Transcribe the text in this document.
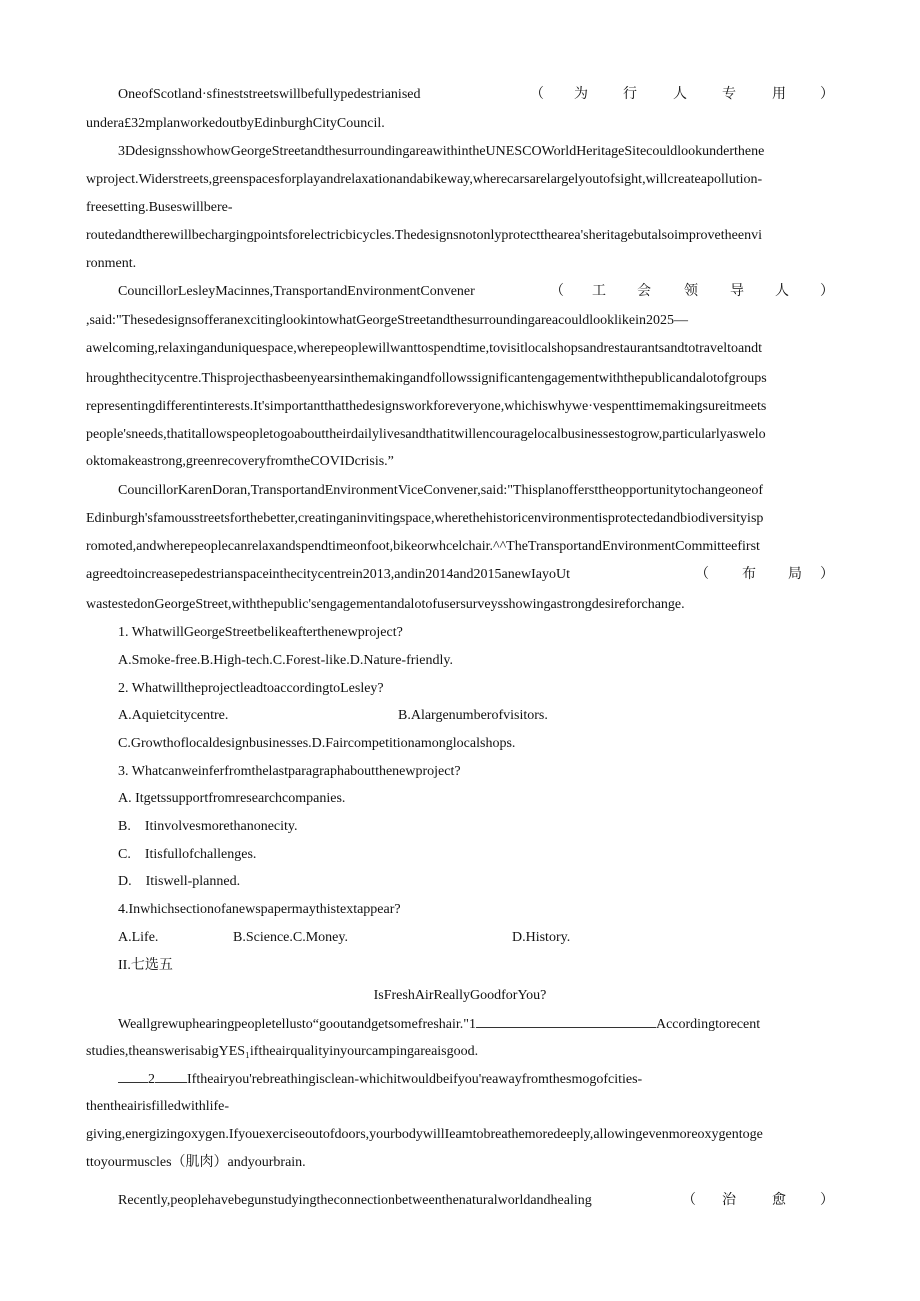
OneofScotland·sfineststreetswillbefullypedestrianised	（ 为	行	人	专	用 ）
undera£32mplanworkedoutbyEdinburghCityCouncil.
3DdesignsshowhowGeorgeStreetandthesurroundingareawithintheUNESCOWorldHeritageSitecouldlookunderthene
wproject.Widerstreets,greenspacesforplayandrelaxationandabikeway,wherecarsarelargelyoutofsight,willcreateapollution-
freesetting.Buseswillbere-
routedandtherewillbechargingpointsforelectricbicycles.Thedesignsnotonlyprotectthearea'sheritagebutalsoimprovetheenvi
ronment.
CouncillorLesleyMacinnes,TransportandEnvironmentConvener	（ 工 会 领 导 人 ）
,said:"ThesedesignsofferanexcitinglookintowhatGeorgeStreetandthesurroundingareacouldlooklikein2025—
awelcoming,relaxinganduniquespace,wherepeoplewillwanttospendtime,tovisitlocalshopsandrestaurantsandtotraveltoandt
hroughthecitycentre.Thisprojecthasbeenyearsinthemakingandfollowssignificantengagementwiththepublicandalotofgroups
representingdifferentinterests.It'simportantthatthedesignsworkforeveryone,whichiswhywe·vespenttimemakingsureitmeets
people'sneeds,thatitallowspeopletogoabouttheirdailylivesandthatitwillencouragelocalbusinessestogrow,particularlyaswelo
oktomakeastrong,greenrecoveryfromtheCOVIDcrisis.”
CouncillorKarenDoran,TransportandEnvironmentViceConvener,said:"Thisplanoffersttheopportunitytochangeoneof
Edinburgh'sfamousstreetsforthebetter,creatinganinvitingspace,wherethehistoricenvironmentisprotectedandbiodiversityisp
romoted,andwherepeoplecanrelaxandspendtimeonfoot,bikeorwhcelchair.^^TheTransportandEnvironmentCommitteefirst
agreedtoincreasepedestrianspaceinthecitycentrein2013,andin2014and2015anewIayoUt	（ 布 局 ）
wastestedonGeorgeStreet,withthepublic'sengagementandalotofusersurveysshowingastrongdesireforchange.
1. WhatwillGeorgeStreetbelikeafterthenewproject?
A.Smoke-free.B.High-tech.C.Forest-like.D.Nature-friendly.
2. WhatwilltheprojectleadtoaccordingtoLesley?
A.Aquietcitycentre.	B.Alargenumberofvisitors.
C.Growthoflocaldesignbusinesses.D.Faircompetitionamonglocalshops.
3. Whatcanweinferfromthelastparagraphaboutthenewproject?
A. Itgetssupportfromresearchcompanies.
B.    Itinvolvesmorethanonecity.
C.    Itisfullofchallenges.
D.    Itiswell-planned.
4.Inwhichsectionofanewspapermaythistextappear?
A.Life.	B.Science.C.Money.	D.History.
II.七选五
IsFreshAirReallyGoodforYou?
Weallgrewuphearingpeopletellusto“gooutandgetsomefreshair."1	Accordingtorecent
studies,theanswerisabigYES₁iftheairqualityinyourcampingareaisgood.
2 Iftheairyou'rebreathingisclean-whichitwouldbeifyou'reawayfromthesmogofcities-
thentheairisfilledwithlife-
giving,energizingoxygen.Ifyouexerciseoutofdoors,yourbodywillIeamtobreathemoredeeply,allowingevenmoreoxygentoge
ttoyourmuscles（肌肉）andyourbrain.
Recently,peoplehavebegunstudyingtheconnectionbetweenthenaturalworldandhealing	（ 治	愈 ）
